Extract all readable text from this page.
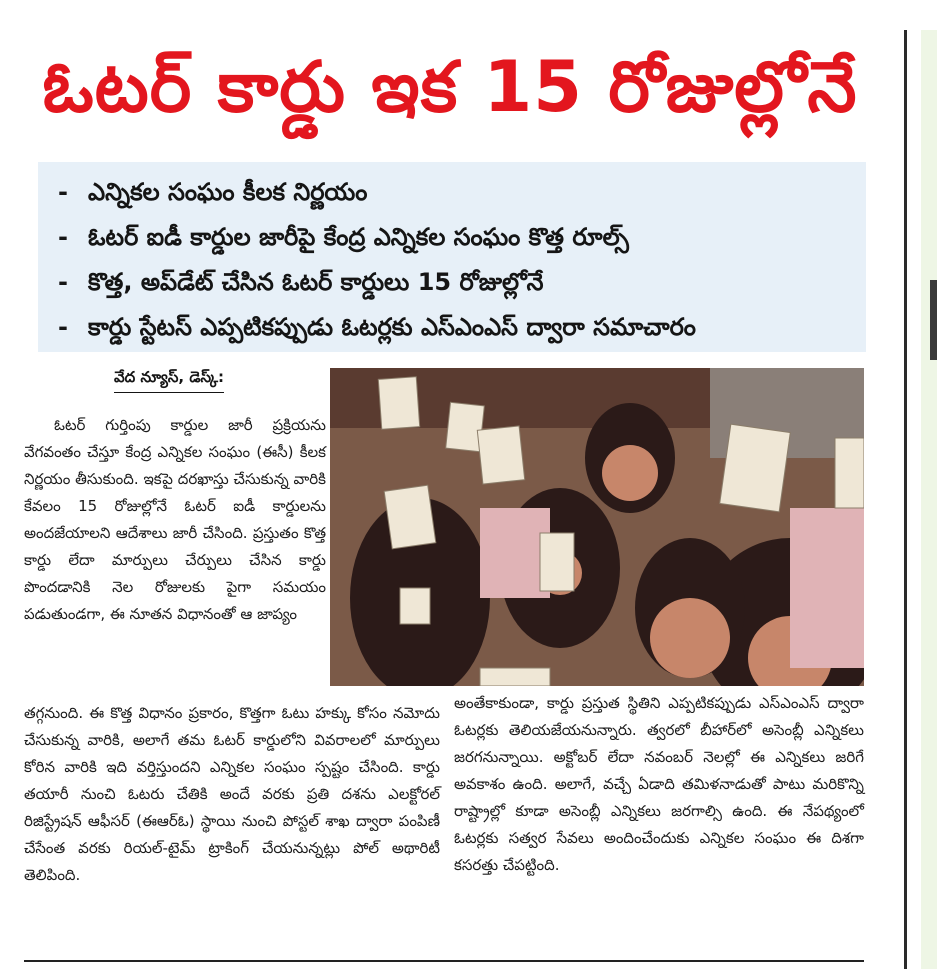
ఓటర్ కార్డు ఇక 15 రోజుల్లోనే
- ఎన్నికల సంఘం కీలక నిర్ణయం
- ఓటర్ ఐడీ కార్డుల జారీపై కేంద్ర ఎన్నికల సంఘం కొత్త రూల్స్
- కొత్త, అప్‌డేట్ చేసిన ఓటర్ కార్డులు 15 రోజుల్లోనే
- కార్డు స్టేటస్ ఎప్పటికప్పుడు ఓటర్లకు ఎస్ఎంఎస్ ద్వారా సమాచారం
వేద న్యూస్, డెస్క్:

ఓటర్ గుర్తింపు కార్డుల జారీ ప్రక్రియను వేగవంతం చేస్తూ కేంద్ర ఎన్నికల సంఘం (ఈసీ) కీలక నిర్ణయం తీసుకుంది. ఇకపై దరఖాస్తు చేసుకున్న వారికి కేవలం 15 రోజుల్లోనే ఓటర్ ఐడీ కార్డులను అందజేయాలని ఆదేశాలు జారీ చేసింది. ప్రస్తుతం కొత్త కార్డు లేదా మార్పులు చేర్పులు చేసిన కార్డు పొందడానికి నెల రోజులకు పైగా సమయం పడుతుండగా, ఈ నూతన విధానంతో ఆ జాప్యం

తగ్గనుంది. ఈ కొత్త విధానం ప్రకారం, కొత్తగా ఓటు హక్కు కోసం నమోదు చేసుకున్న వారికి, అలాగే తమ ఓటర్ కార్డులోని వివరాలలో మార్పులు కోరిన వారికి ఇది వర్తిస్తుందని ఎన్నికల సంఘం స్పష్టం చేసింది. కార్డు తయారీ నుంచి ఓటరు చేతికి అందే వరకు ప్రతి దశను ఎలక్టోరల్ రిజిస్ట్రేషన్ ఆఫీసర్ (ఈఆర్ఓ) స్థాయి నుంచి పోస్టల్ శాఖ ద్వారా పంపిణీ చేసేంత వరకు రియల్-టైమ్ ట్రాకింగ్ చేయనున్నట్లు పోల్ అథారిటీ తెలిపింది.

అంతేకాకుండా, కార్డు ప్రస్తుత స్థితిని ఎప్పటికప్పుడు ఎస్ఎంఎస్ ద్వారా ఓటర్లకు తెలియజేయనున్నారు. త్వరలో బీహార్‌లో అసెంబ్లీ ఎన్నికలు జరగనున్నాయి. అక్టోబర్ లేదా నవంబర్ నెలల్లో ఈ ఎన్నికలు జరిగే అవకాశం ఉంది. అలాగే, వచ్చే ఏడాది తమిళనాడుతో పాటు మరికొన్ని రాష్ట్రాల్లో కూడా అసెంబ్లీ ఎన్నికలు జరగాల్సి ఉంది. ఈ నేపథ్యంలో ఓటర్లకు సత్వర సేవలు అందించేందుకు ఎన్నికల సంఘం ఈ దిశగా కసరత్తు చేపట్టింది.
